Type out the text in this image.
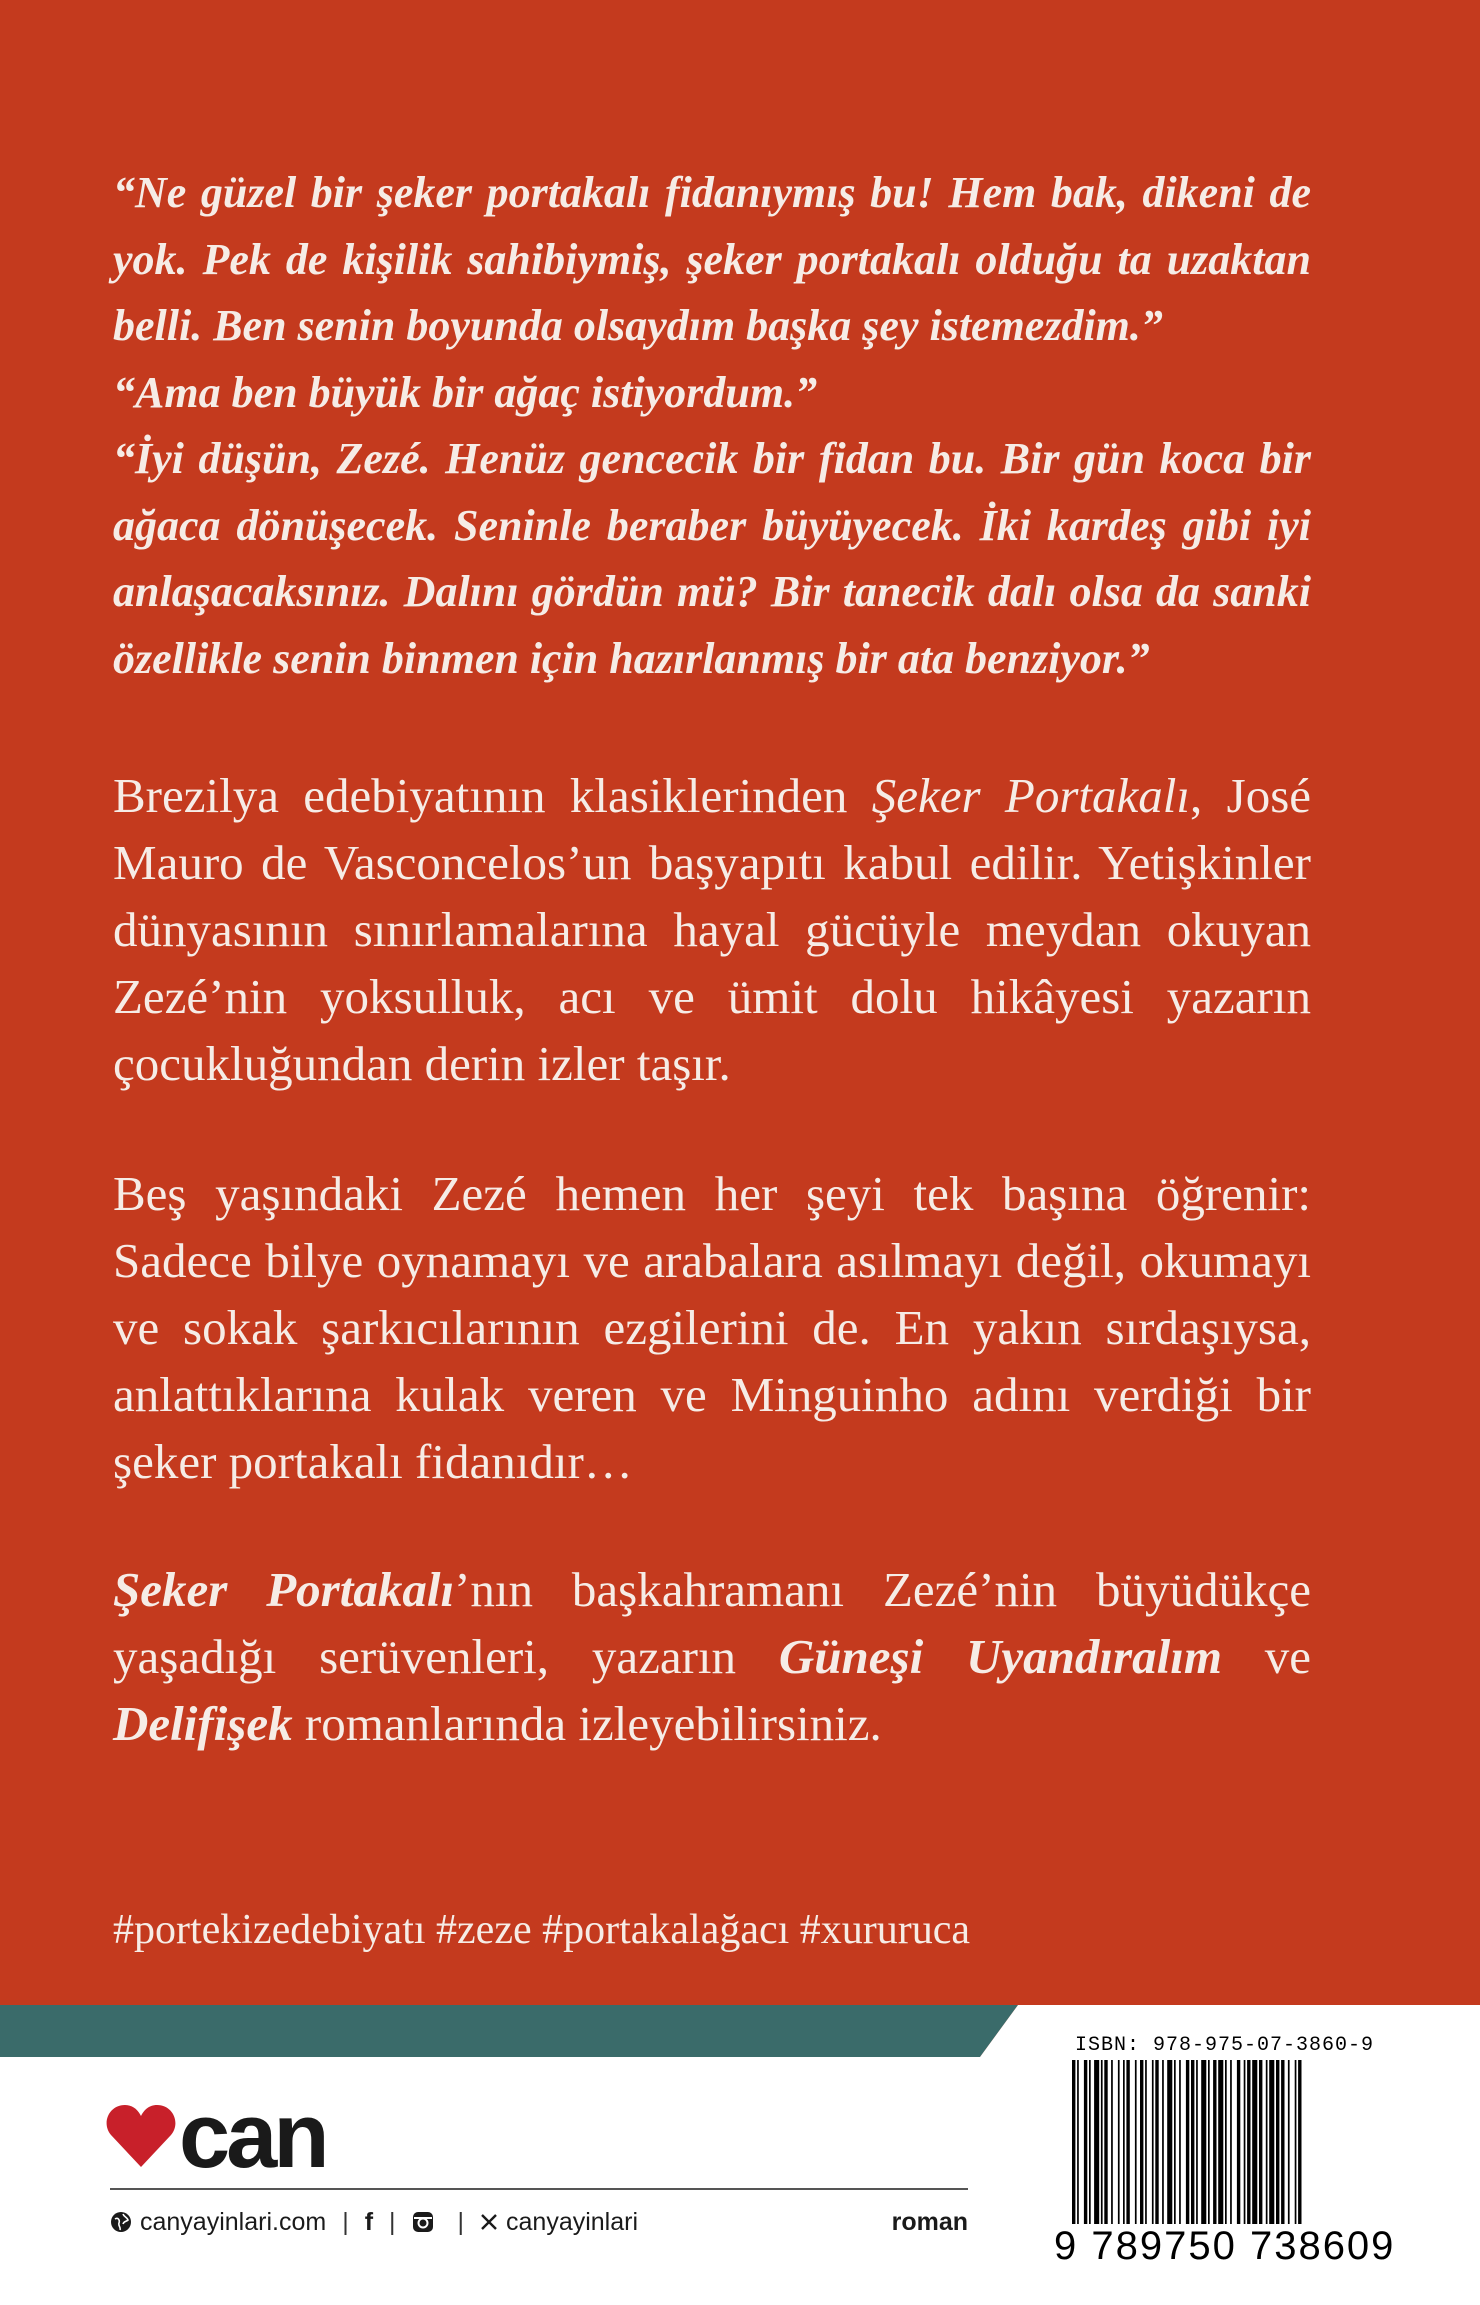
“Ne güzel bir şeker portakalı fidanıymış bu! Hem bak, dikeni de yok. Pek de kişilik sahibiymiş, şeker portakalı olduğu ta uzaktan belli. Ben senin boyunda olsaydım başka şey istemezdim.”

“Ama ben büyük bir ağaç istiyordum.”

“İyi düşün, Zezé. Henüz gencecik bir fidan bu. Bir gün koca bir ağaca dönüşecek. Seninle beraber büyüyecek. İki kardeş gibi iyi anlaşacaksınız. Dalını gördün mü? Bir tanecik dalı olsa da sanki özellikle senin binmen için hazırlanmış bir ata benziyor.”

Brezilya edebiyatının klasiklerinden Şeker Portakalı, José Mauro de Vasconcelos’un başyapıtı kabul edilir. Yetişkinler dünyasının sınırlamalarına hayal gücüyle meydan okuyan Zezé’nin yoksulluk, acı ve ümit dolu hikâyesi yazarın çocukluğundan derin izler taşır.

Beş yaşındaki Zezé hemen her şeyi tek başına öğrenir: Sadece bilye oynamayı ve arabalara asılmayı değil, okumayı ve sokak şarkıcılarının ezgilerini de. En yakın sırdaşıysa, anlattıklarına kulak veren ve Minguinho adını verdiği bir şeker portakalı fidanıdır…

Şeker Portakalı’nın başkahramanı Zezé’nin büyüdükçe yaşadığı serüvenleri, yazarın Güneşi Uyandıralım ve Delifişek romanlarında izleyebilirsiniz.

#portekizedebiyatı #zeze #portakalağacı #xururuca
can
canyayinlari.com | f | | canyayinlari	roman
ISBN: 978-975-07-3860-9
9 789750 738609
